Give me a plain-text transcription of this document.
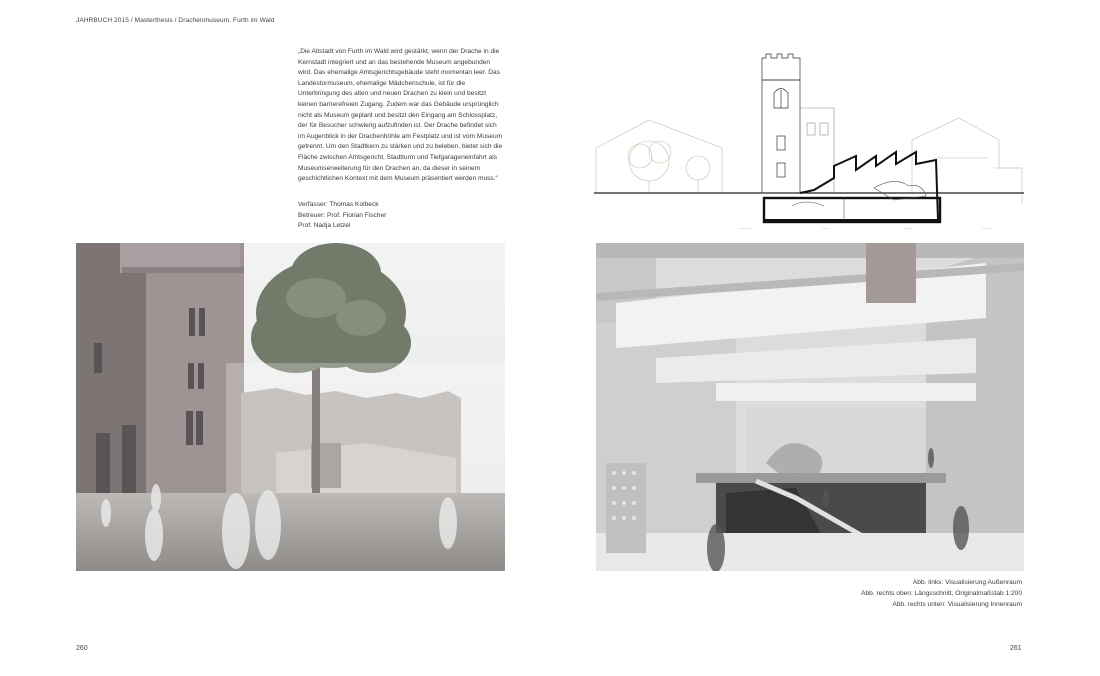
JAHRBUCH 2015 / Masterthesis / Drachenmuseum. Furth im Wald

„Die Altstadt von Furth im Wald wird gestärkt, wenn der Drache in die Kernstadt integriert und an das bestehende Museum angebunden wird. Das ehemalige Amtsgerichtsgebäude steht momentan leer. Das Landestormuseum, ehemalige Mädchenschule, ist für die Unterbringung des alten und neuen Drachen zu klein und besitzt keinen barrierefreien Zugang. Zudem war das Gebäude ursprünglich nicht als Museum geplant und besitzt den Eingang am Schlossplatz, der für Besucher schwierig aufzufinden ist. Der Drache befindet sich im Augenblick in der Drachenhöhle am Festplatz und ist vom Museum getrennt. Um den Stadtkern zu stärken und zu beleben, bietet sich die Fläche zwischen Amtsgericht, Stadtturm und Tiefgarageneinfahrt als Museumserweiterung für den Drachen an, da dieser in seinem geschichtlichen Kontext mit dem Museum präsentiert werden muss.“

Verfasser: Thomas Kolbeck
Betreuer: Prof. Florian Fischer
Prof. Nadja Letzel	————	——	———	———
Abb. links: Visualisierung Außenraum
Abb. rechts oben: Längsschnitt, Originalmaßstab 1:200
Abb. rechts unten: Visualisierung Innenraum
260	261
